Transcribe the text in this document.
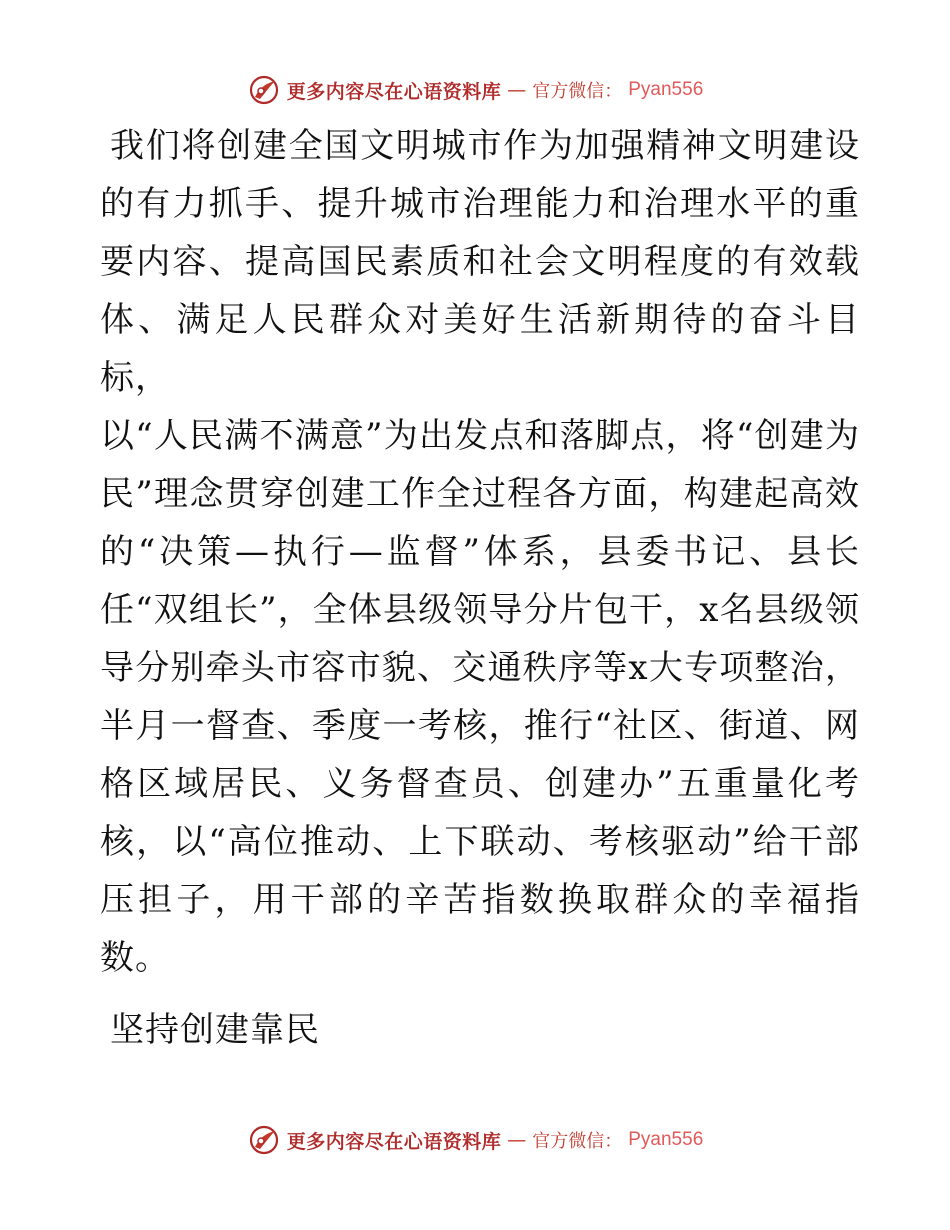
更多内容尽在心语资料库 — 官方微信： Pyan556

我们将创建全国文明城市作为加强精神文明建设的有力抓手、提升城市治理能力和治理水平的重要内容、提高国民素质和社会文明程度的有效载体、满足人民群众对美好生活新期待的奋斗目标，

以“人民满不满意”为出发点和落脚点，将“创建为民”理念贯穿创建工作全过程各方面，构建起高效的“决策—执行—监督”体系，县委书记、县长任“双组长”，全体县级领导分片包干，x名县级领导分别牵头市容市貌、交通秩序等x大专项整治，半月一督查、季度一考核，推行“社区、街道、网格区域居民、义务督查员、创建办”五重量化考核，以“高位推动、上下联动、考核驱动”给干部压担子，用干部的辛苦指数换取群众的幸福指数。

坚持创建靠民
更多内容尽在心语资料库 — 官方微信： Pyan556
